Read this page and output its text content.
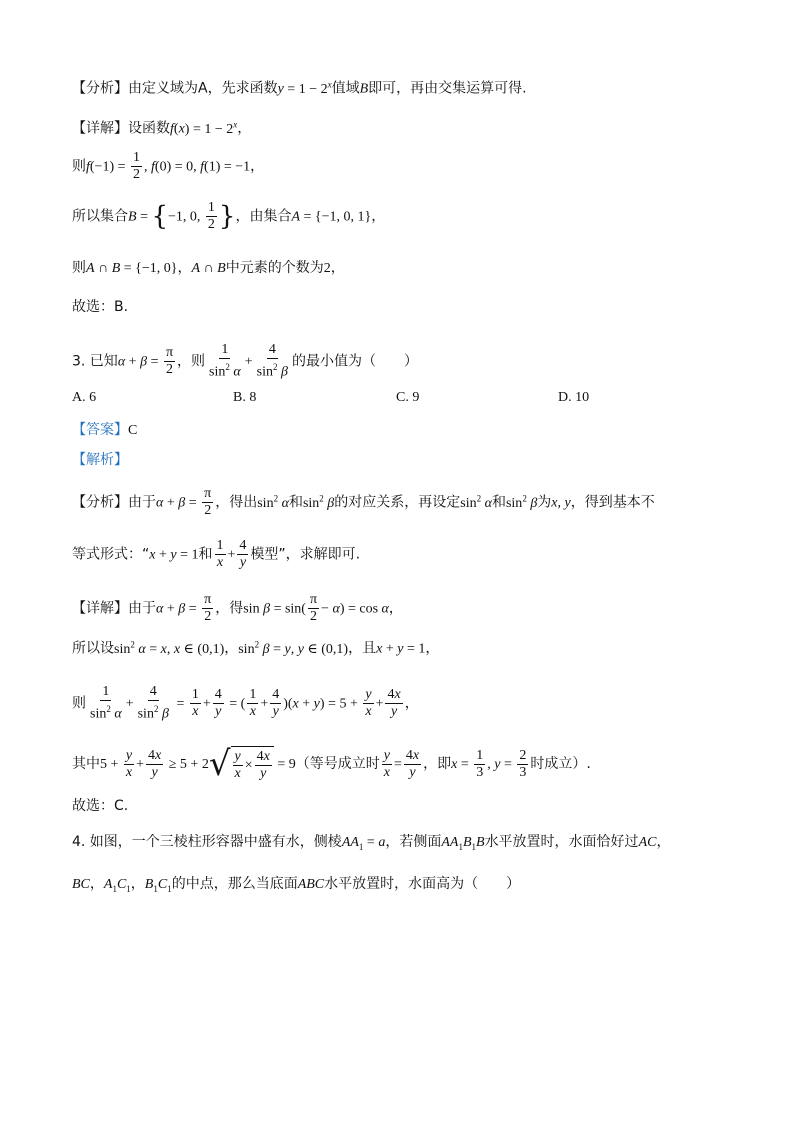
【分析】由定义域为A，先求函数$y = 1 - 2^x$值域B即可，再由交集运算可得.
【详解】设函数$f(x) = 1 - 2^x$，
则$f(-1) = \frac{1}{2}$ , f(0) = 0, f(1) = −1，
所以集合B = {−1, 0, $\frac{1}{2}$ }，由集合A = {−1, 0, 1}，
则A ∩ B = {−1, 0}，A ∩ B中元素的个数为2，
故选：B.
3. 已知$\alpha + \beta = \frac{\pi}{2}$ ，则 $\frac{1}{\sin^2 \alpha} + \frac{4}{\sin^2 \beta}$ 的最小值为（　　）
A. 6	B. 8	C. 9	D. 10
【答案】C
【解析】
【分析】由于$\alpha + \beta = \frac{\pi}{2}$ ，得出$\sin^2 \alpha$和$\sin^2 \beta$的对应关系，再设定$\sin^2 \alpha$和$\sin^2 \beta$为x, y，得到基本不
等式形式：“x + y = 1和 $\frac{1}{x} + \frac{4}{y}$ 模型”，求解即可.
【详解】由于$\alpha + \beta = \frac{\pi}{2}$ ，得$\sin \beta = \sin( \frac{\pi}{2} - \alpha) = \cos \alpha$，
所以设$\sin^2 \alpha = x$, x ∈ (0,1)，$\sin^2 \beta = y$, y ∈ (0,1)，且x + y = 1，
则 $\frac{1}{\sin^2 \alpha} + \frac{4}{\sin^2 \beta} = \frac{1}{x} + \frac{4}{y}$ = ( $\frac{1}{x} + \frac{4}{y} )(x + y) = 5 + \frac{y}{x} + \frac{4x}{y}$ ，
其中$5 + \frac{y}{x} + \frac{4x}{y} \ge 5 + 2$ √ $\frac{y}{x} \times \frac{4x}{y} = 9$（等号成立时 $\frac{y}{x} = \frac{4x}{y}$ ，即$x = \frac{1}{3}$ , $y = \frac{2}{3}$ 时成立）.
故选：C.
4. 如图，一个三棱柱形容器中盛有水，侧棱$AA_1 = a$，若侧面$AA_1B_1B$水平放置时，水面恰好过AC，
BC，$A_1C_1$，$B_1C_1$的中点，那么当底面ABC水平放置时，水面高为（　　）
